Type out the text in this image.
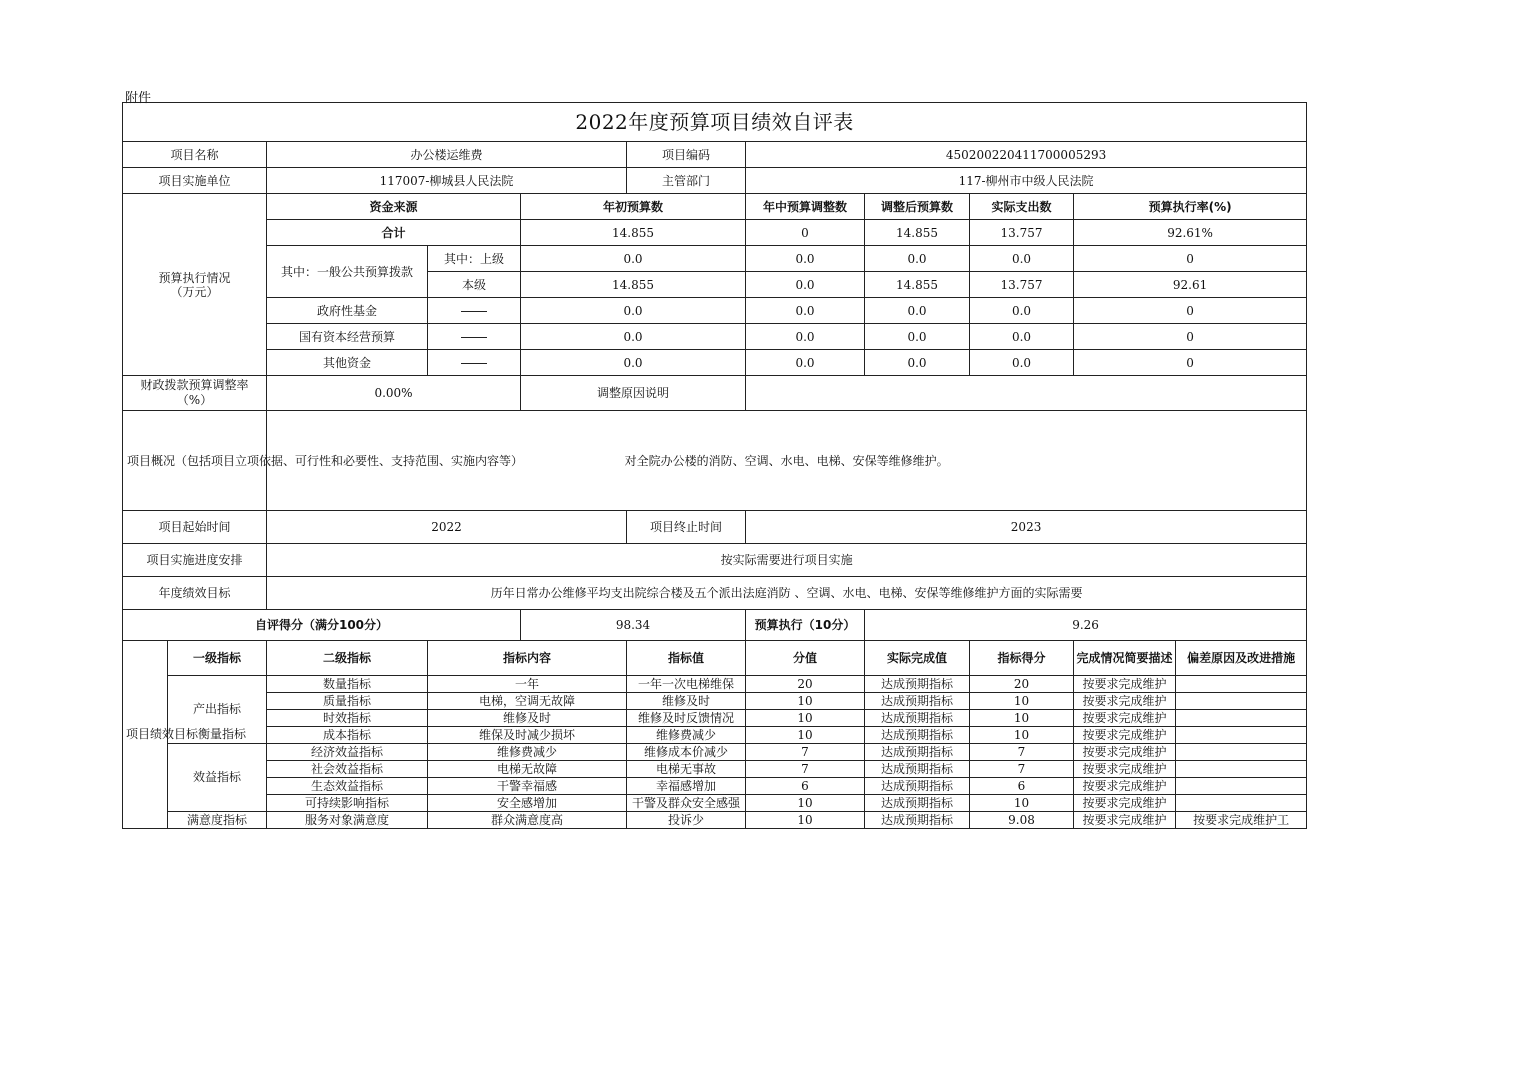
附件
2022年度预算项目绩效自评表										
项目名称		办公楼运维费			项目编码	450200220411700005293				
项目实施单位		117007-柳城县人民法院			主管部门	117-柳州市中级人民法院				
预算执行情况
（万元）		资金来源		年初预算数		年中预算调整数	调整后预算数	实际支出数	预算执行率(%)	
		合计		14.855		0	14.855	13.757	92.61%	
		其中：一般公共预算拨款	其中：上级	0.0		0.0	0.0	0.0	0	
			本级	14.855		0.0	14.855	13.757	92.61	
		政府性基金		0.0		0.0	0.0	0.0	0	
		国有资本经营预算		0.0		0.0	0.0	0.0	0	
		其他资金		0.0		0.0	0.0	0.0	0	
财政拨款预算调整率
（%）		0.00%		调整原因说明						
项目概况（包括项目立项依据、可行性和必要性、支持范围、实施内容等）		对全院办公楼的消防、空调、水电、电梯、安保等维修维护。								
项目起始时间		2022			项目终止时间	2023				
项目实施进度安排		按实际需要进行项目实施								
年度绩效目标		历年日常办公维修平均支出院综合楼及五个派出法庭消防 、空调、水电、电梯、安保等维修维护方面的实际需要								
自评得分（满分100分）				98.34		预算执行（10分）	9.26			
项目绩效目标衡量指标	一级指标	二级指标	指标内容		指标值	分值	实际完成值	指标得分	完成情况简要描述	偏差原因及改进措施
	产出指标	数量指标	一年		一年一次电梯维保	20	达成预期指标	20	按要求完成维护	
		质量指标	电梯，空调无故障		维修及时	10	达成预期指标	10	按要求完成维护	
		时效指标	维修及时		维修及时反馈情况	10	达成预期指标	10	按要求完成维护	
		成本指标	维保及时减少损坏		维修费减少	10	达成预期指标	10	按要求完成维护	
	效益指标	经济效益指标	维修费减少		维修成本价减少	7	达成预期指标	7	按要求完成维护	
		社会效益指标	电梯无故障		电梯无事故	7	达成预期指标	7	按要求完成维护	
		生态效益指标	干警幸福感		幸福感增加	6	达成预期指标	6	按要求完成维护	
		可持续影响指标	安全感增加		干警及群众安全感强	10	达成预期指标	10	按要求完成维护	
	满意度指标	服务对象满意度	群众满意度高		投诉少	10	达成预期指标	9.08	按要求完成维护	按要求完成维护工
